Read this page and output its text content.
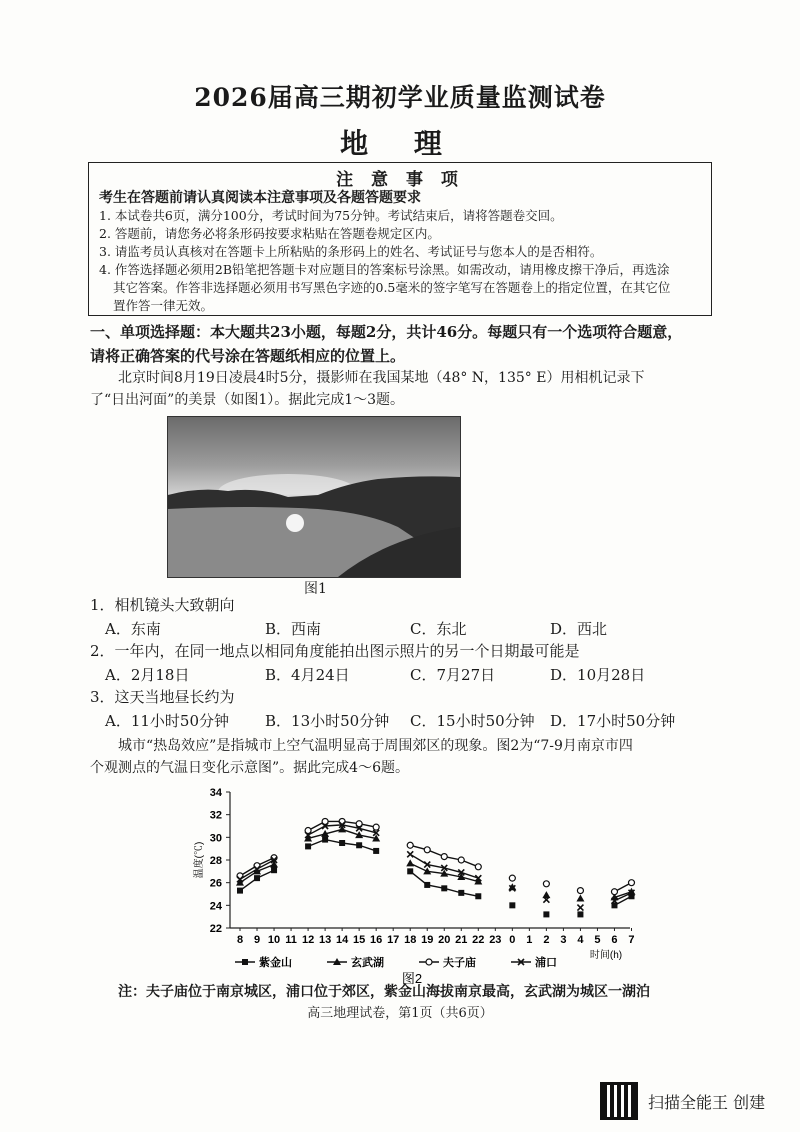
2026届高三期初学业质量监测试卷
地 理
注 意 事 项
考生在答题前请认真阅读本注意事项及各题答题要求
1. 本试卷共6页，满分100分，考试时间为75分钟。考试结束后，请将答题卷交回。
2. 答题前，请您务必将条形码按要求粘贴在答题卷规定区内。
3. 请监考员认真核对在答题卡上所粘贴的条形码上的姓名、考试证号与您本人的是否相符。
4. 作答选择题必须用2B铅笔把答题卡对应题目的答案标号涂黑。如需改动，请用橡皮擦干净后，再选涂
其它答案。作答非选择题必须用书写黑色字迹的0.5毫米的签字笔写在答题卷上的指定位置，在其它位
置作答一律无效。
一、单项选择题：本大题共23小题，每题2分，共计46分。每题只有一个选项符合题意，
请将正确答案的代号涂在答题纸相应的位置上。
北京时间8月19日凌晨4时5分，摄影师在我国某地（48° N，135° E）用相机记录下
了“日出河面”的美景（如图1）。据此完成1～3题。
图1
1．相机镜头大致朝向
A．东南	B．西南	C．东北	D．西北
2．一年内，在同一地点以相同角度能拍出图示照片的另一个日期最可能是
A．2月18日	B．4月24日	C．7月27日	D．10月28日
3．这天当地昼长约为
A．11小时50分钟 B．13小时50分钟 C．15小时50分钟 D．17小时50分钟
城市“热岛效应”是指城市上空气温明显高于周围郊区的现象。图2为“7-9月南京市四
个观测点的气温日变化示意图”。据此完成4～6题。
22
24
26
28
30
32
34
8 9 10 11 12 13 14 15 16 17 18 19 20 21 22 23 0 1 2 3 4 5 6 7
时间(h)
温度(℃)
紫金山	玄武湖	夫子庙	浦口
图2
注：夫子庙位于南京城区，浦口位于郊区，紫金山海拔南京最高，玄武湖为城区一湖泊
高三地理试卷，第1页（共6页）
扫描全能王 创建
